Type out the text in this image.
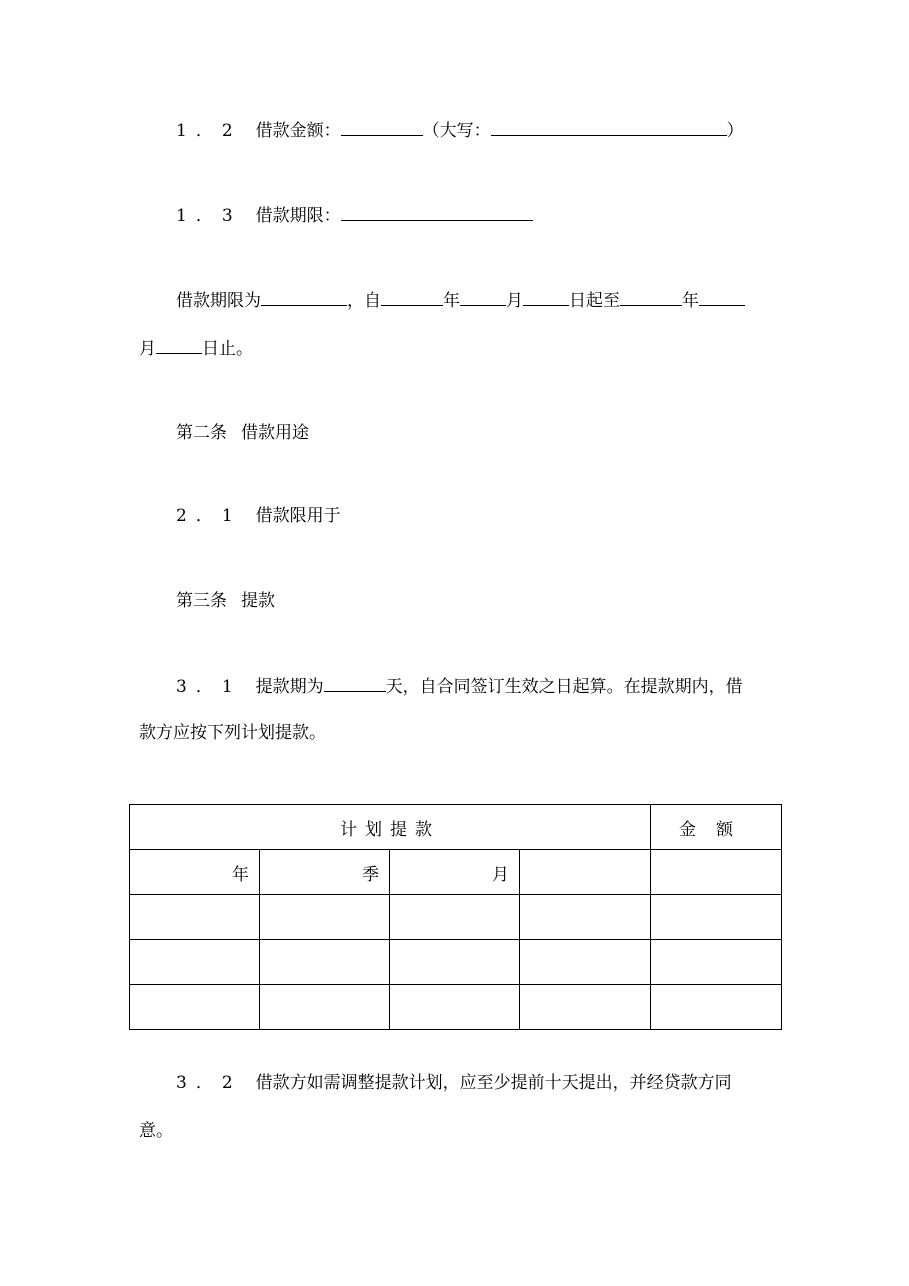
1．2 借款金额：	（大写：	）
1．3 借款期限：
借款期限为	，自	年	月	日起至	年
月	日止。
第二条 借款用途
2．1 借款限用于
第三条 提款
3．1 提款期为	天，自合同签订生效之日起算。在提款期内，借
款方应按下列计划提款。
计划提款				金额
年	季	月		

3．2 借款方如需调整提款计划，应至少提前十天提出，并经贷款方同
意。
